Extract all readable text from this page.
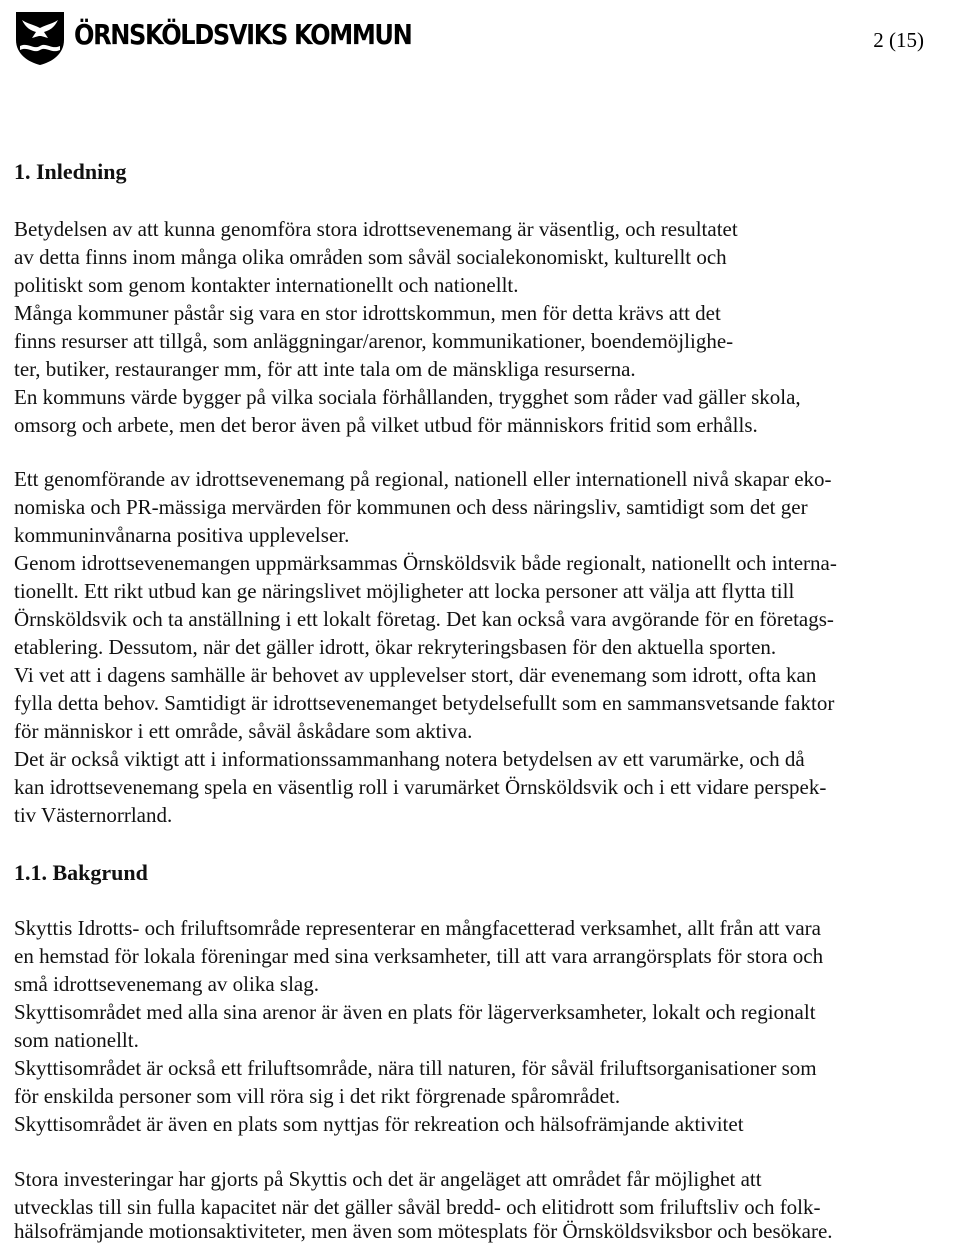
ÖRNSKÖLDSVIKS KOMMUN	2 (15)
1. Inledning
Betydelsen av att kunna genomföra stora idrottsevenemang är väsentlig, och resultatet
av detta finns inom många olika områden som såväl socialekonomiskt, kulturellt och
politiskt som genom kontakter internationellt och nationellt.
Många kommuner påstår sig vara en stor idrottskommun, men för detta krävs att det
finns resurser att tillgå, som anläggningar/arenor, kommunikationer, boendemöjlighe-
ter, butiker, restauranger mm, för att inte tala om de mänskliga resurserna.
En kommuns värde bygger på vilka sociala förhållanden, trygghet som råder vad gäller skola,
omsorg och arbete, men det beror även på vilket utbud för människors fritid som erhålls.
Ett genomförande av idrottsevenemang på regional, nationell eller internationell nivå skapar eko-
nomiska och PR-mässiga mervärden för kommunen och dess näringsliv, samtidigt som det ger
kommuninvånarna positiva upplevelser.
Genom idrottsevenemangen uppmärksammas Örnsköldsvik både regionalt, nationellt och interna-
tionellt. Ett rikt utbud kan ge näringslivet möjligheter att locka personer att välja att flytta till
Örnsköldsvik och ta anställning i ett lokalt företag. Det kan också vara avgörande för en företags-
etablering. Dessutom, när det gäller idrott, ökar rekryteringsbasen för den aktuella sporten.
Vi vet att i dagens samhälle är behovet av upplevelser stort, där evenemang som idrott, ofta kan
fylla detta behov. Samtidigt är idrottsevenemanget betydelsefullt som en sammansvetsande faktor
för människor i ett område, såväl åskådare som aktiva.
Det är också viktigt att i informationssammanhang notera betydelsen av ett varumärke, och då
kan idrottsevenemang spela en väsentlig roll i varumärket Örnsköldsvik och i ett vidare perspek-
tiv Västernorrland.
1.1. Bakgrund
Skyttis Idrotts- och friluftsområde representerar en mångfacetterad verksamhet, allt från att vara
en hemstad för lokala föreningar med sina verksamheter, till att vara arrangörsplats för stora och
små idrottsevenemang av olika slag.
Skyttisområdet med alla sina arenor är även en plats för lägerverksamheter, lokalt och regionalt
som nationellt.
Skyttisområdet är också ett friluftsområde, nära till naturen, för såväl friluftsorganisationer som
för enskilda personer som vill röra sig i det rikt förgrenade spårområdet.
Skyttisområdet är även en plats som nyttjas för rekreation och hälsofrämjande aktivitet
Stora investeringar har gjorts på Skyttis och det är angeläget att området får möjlighet att
utvecklas till sin fulla kapacitet när det gäller såväl bredd- och elitidrott som friluftsliv och folk-
hälsofrämjande motionsaktiviteter, men även som mötesplats för Örnsköldsviksbor och besökare.
